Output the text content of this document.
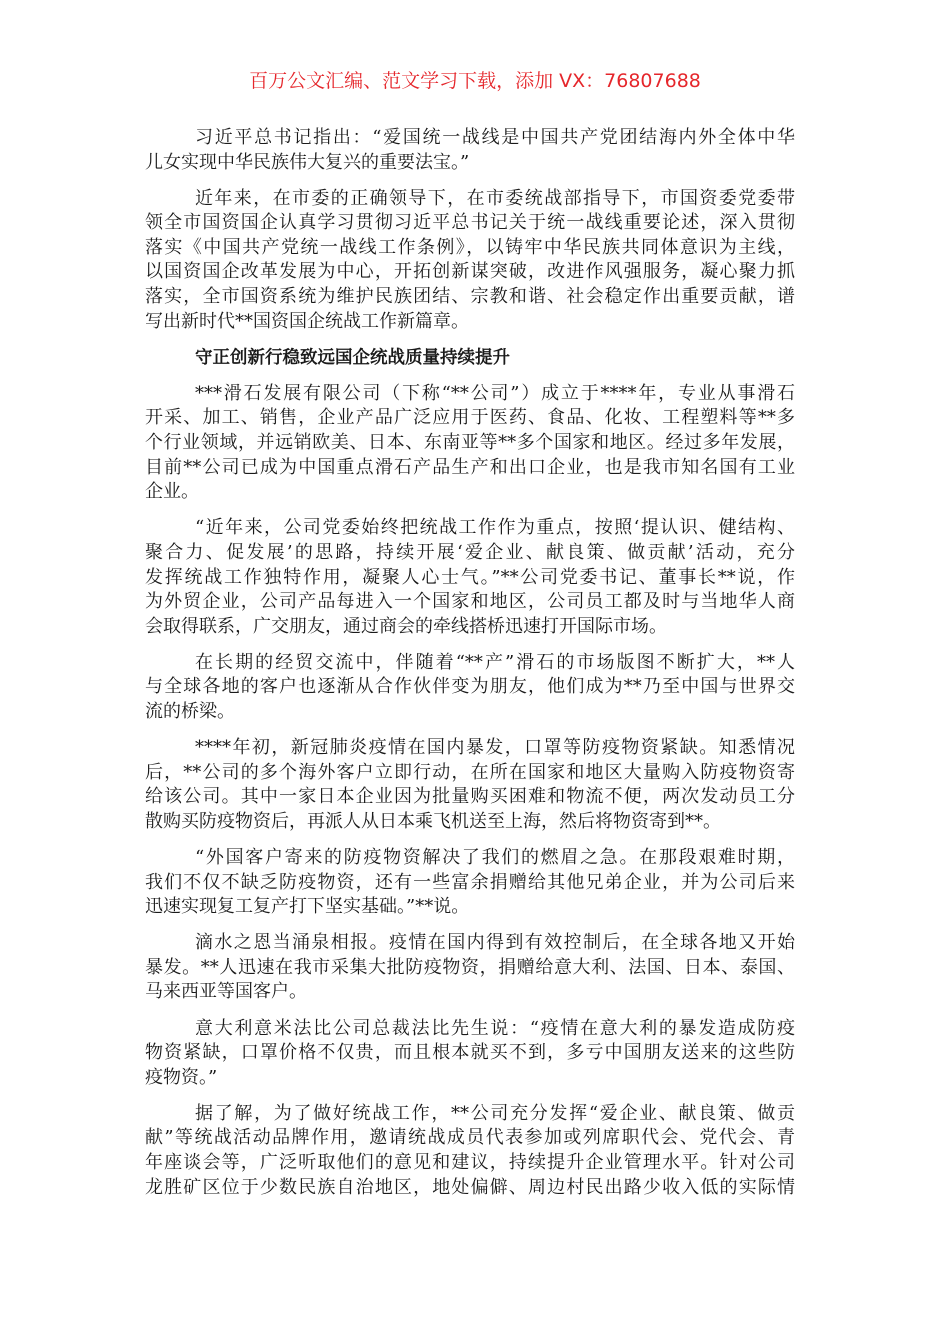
百万公文汇编、范文学习下载，添加 VX：76807688
习近平总书记指出：“爱国统一战线是中国共产党团结海内外全体中华
儿女实现中华民族伟大复兴的重要法宝。”
近年来，在市委的正确领导下，在市委统战部指导下，市国资委党委带
领全市国资国企认真学习贯彻习近平总书记关于统一战线重要论述，深入贯彻
落实《中国共产党统一战线工作条例》，以铸牢中华民族共同体意识为主线，
以国资国企改革发展为中心，开拓创新谋突破，改进作风强服务，凝心聚力抓
落实，全市国资系统为维护民族团结、宗教和谐、社会稳定作出重要贡献，谱
写出新时代**国资国企统战工作新篇章。
守正创新行稳致远国企统战质量持续提升
***滑石发展有限公司（下称“**公司”）成立于****年，专业从事滑石
开采、加工、销售，企业产品广泛应用于医药、食品、化妆、工程塑料等**多
个行业领域，并远销欧美、日本、东南亚等**多个国家和地区。经过多年发展，
目前**公司已成为中国重点滑石产品生产和出口企业，也是我市知名国有工业
企业。
“近年来，公司党委始终把统战工作作为重点，按照‘提认识、健结构、
聚合力、促发展’的思路，持续开展‘爱企业、献良策、做贡献’活动，充分
发挥统战工作独特作用，凝聚人心士气。”**公司党委书记、董事长**说，作
为外贸企业，公司产品每进入一个国家和地区，公司员工都及时与当地华人商
会取得联系，广交朋友，通过商会的牵线搭桥迅速打开国际市场。
在长期的经贸交流中，伴随着“**产”滑石的市场版图不断扩大，**人
与全球各地的客户也逐渐从合作伙伴变为朋友，他们成为**乃至中国与世界交
流的桥梁。
****年初，新冠肺炎疫情在国内暴发，口罩等防疫物资紧缺。知悉情况
后，**公司的多个海外客户立即行动，在所在国家和地区大量购入防疫物资寄
给该公司。其中一家日本企业因为批量购买困难和物流不便，两次发动员工分
散购买防疫物资后，再派人从日本乘飞机送至上海，然后将物资寄到**。
“外国客户寄来的防疫物资解决了我们的燃眉之急。在那段艰难时期，
我们不仅不缺乏防疫物资，还有一些富余捐赠给其他兄弟企业，并为公司后来
迅速实现复工复产打下坚实基础。”**说。
滴水之恩当涌泉相报。疫情在国内得到有效控制后，在全球各地又开始
暴发。**人迅速在我市采集大批防疫物资，捐赠给意大利、法国、日本、泰国、
马来西亚等国客户。
意大利意米法比公司总裁法比先生说：“疫情在意大利的暴发造成防疫
物资紧缺，口罩价格不仅贵，而且根本就买不到，多亏中国朋友送来的这些防
疫物资。”
据了解，为了做好统战工作，**公司充分发挥“爱企业、献良策、做贡
献”等统战活动品牌作用，邀请统战成员代表参加或列席职代会、党代会、青
年座谈会等，广泛听取他们的意见和建议，持续提升企业管理水平。针对公司
龙胜矿区位于少数民族自治地区，地处偏僻、周边村民出路少收入低的实际情
